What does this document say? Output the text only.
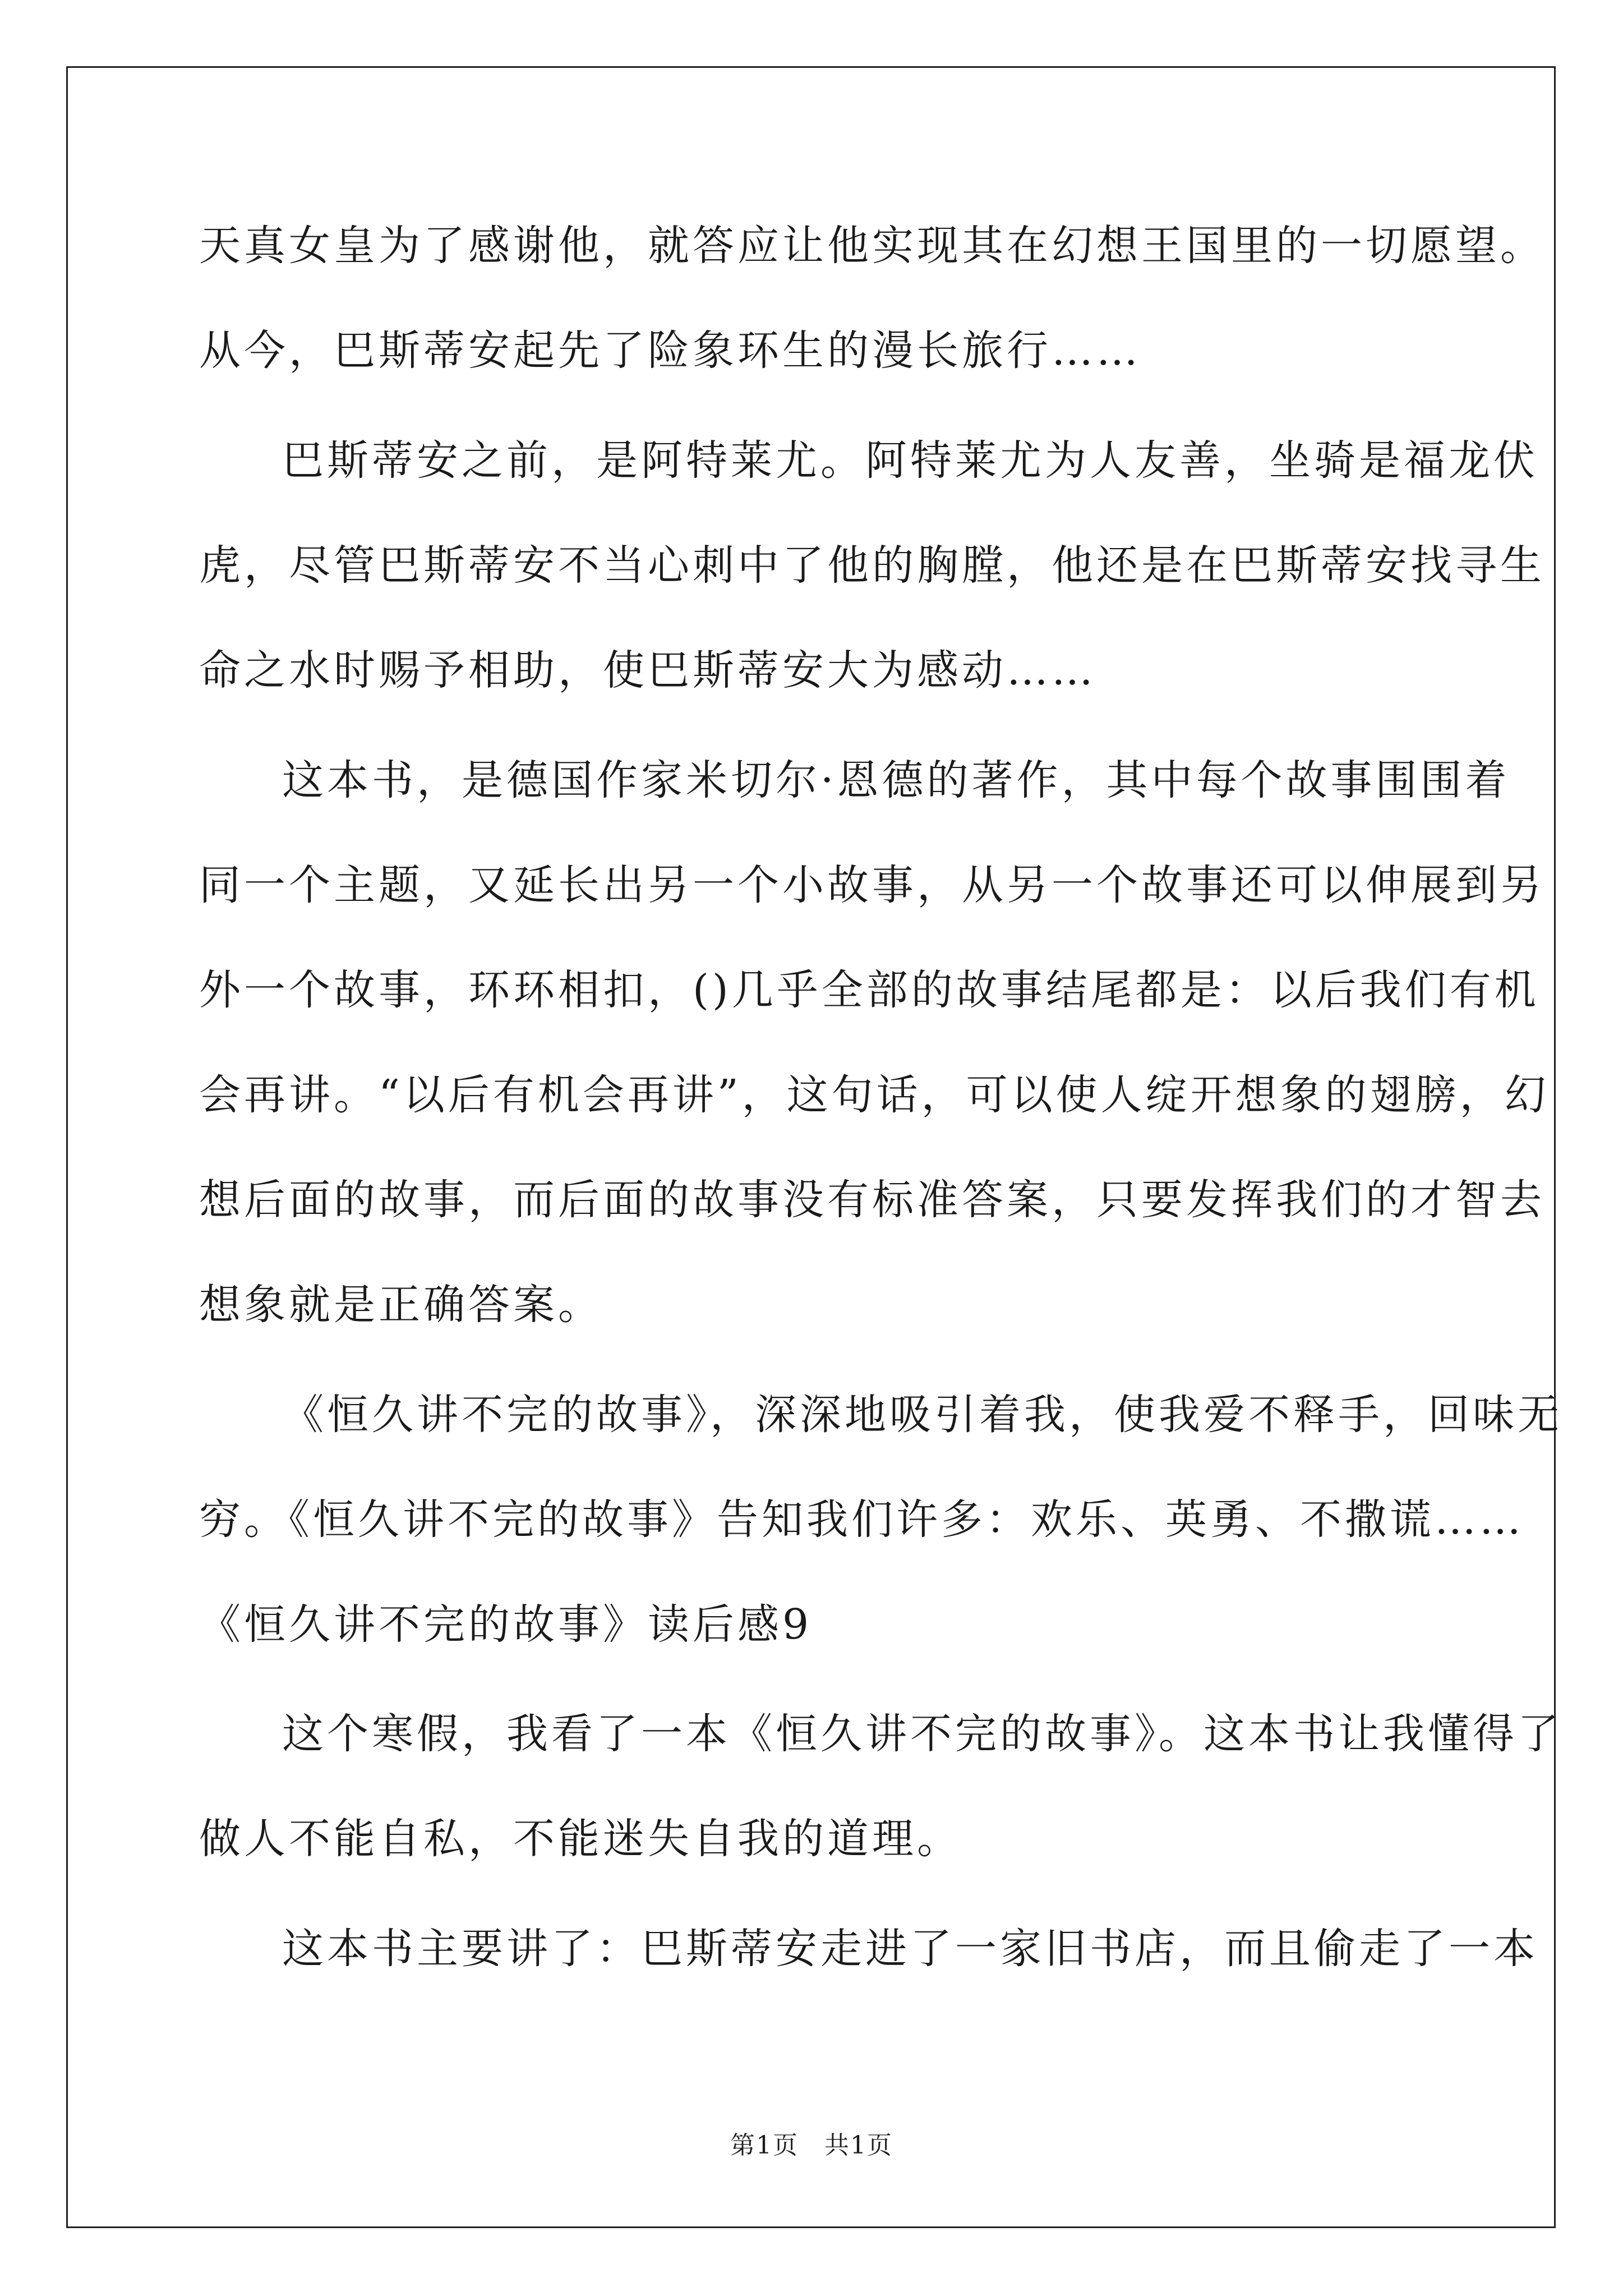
天真女皇为了感谢他，就答应让他实现其在幻想王国里的一切愿望。
从今，巴斯蒂安起先了险象环生的漫长旅行……
巴斯蒂安之前，是阿特莱尤。阿特莱尤为人友善，坐骑是福龙伏
虎，尽管巴斯蒂安不当心刺中了他的胸膛，他还是在巴斯蒂安找寻生
命之水时赐予相助，使巴斯蒂安大为感动……
这本书，是德国作家米切尔·恩德的著作，其中每个故事围围着
同一个主题，又延长出另一个小故事，从另一个故事还可以伸展到另
外一个故事，环环相扣，()几乎全部的故事结尾都是：以后我们有机
会再讲。“以后有机会再讲”，这句话，可以使人绽开想象的翅膀，幻
想后面的故事，而后面的故事没有标准答案，只要发挥我们的才智去
想象就是正确答案。
《恒久讲不完的故事》，深深地吸引着我，使我爱不释手，回味无
穷。《恒久讲不完的故事》告知我们许多：欢乐、英勇、不撒谎……
《恒久讲不完的故事》读后感9
这个寒假，我看了一本《恒久讲不完的故事》。这本书让我懂得了
做人不能自私，不能迷失自我的道理。
这本书主要讲了：巴斯蒂安走进了一家旧书店，而且偷走了一本
第1页　共1页
